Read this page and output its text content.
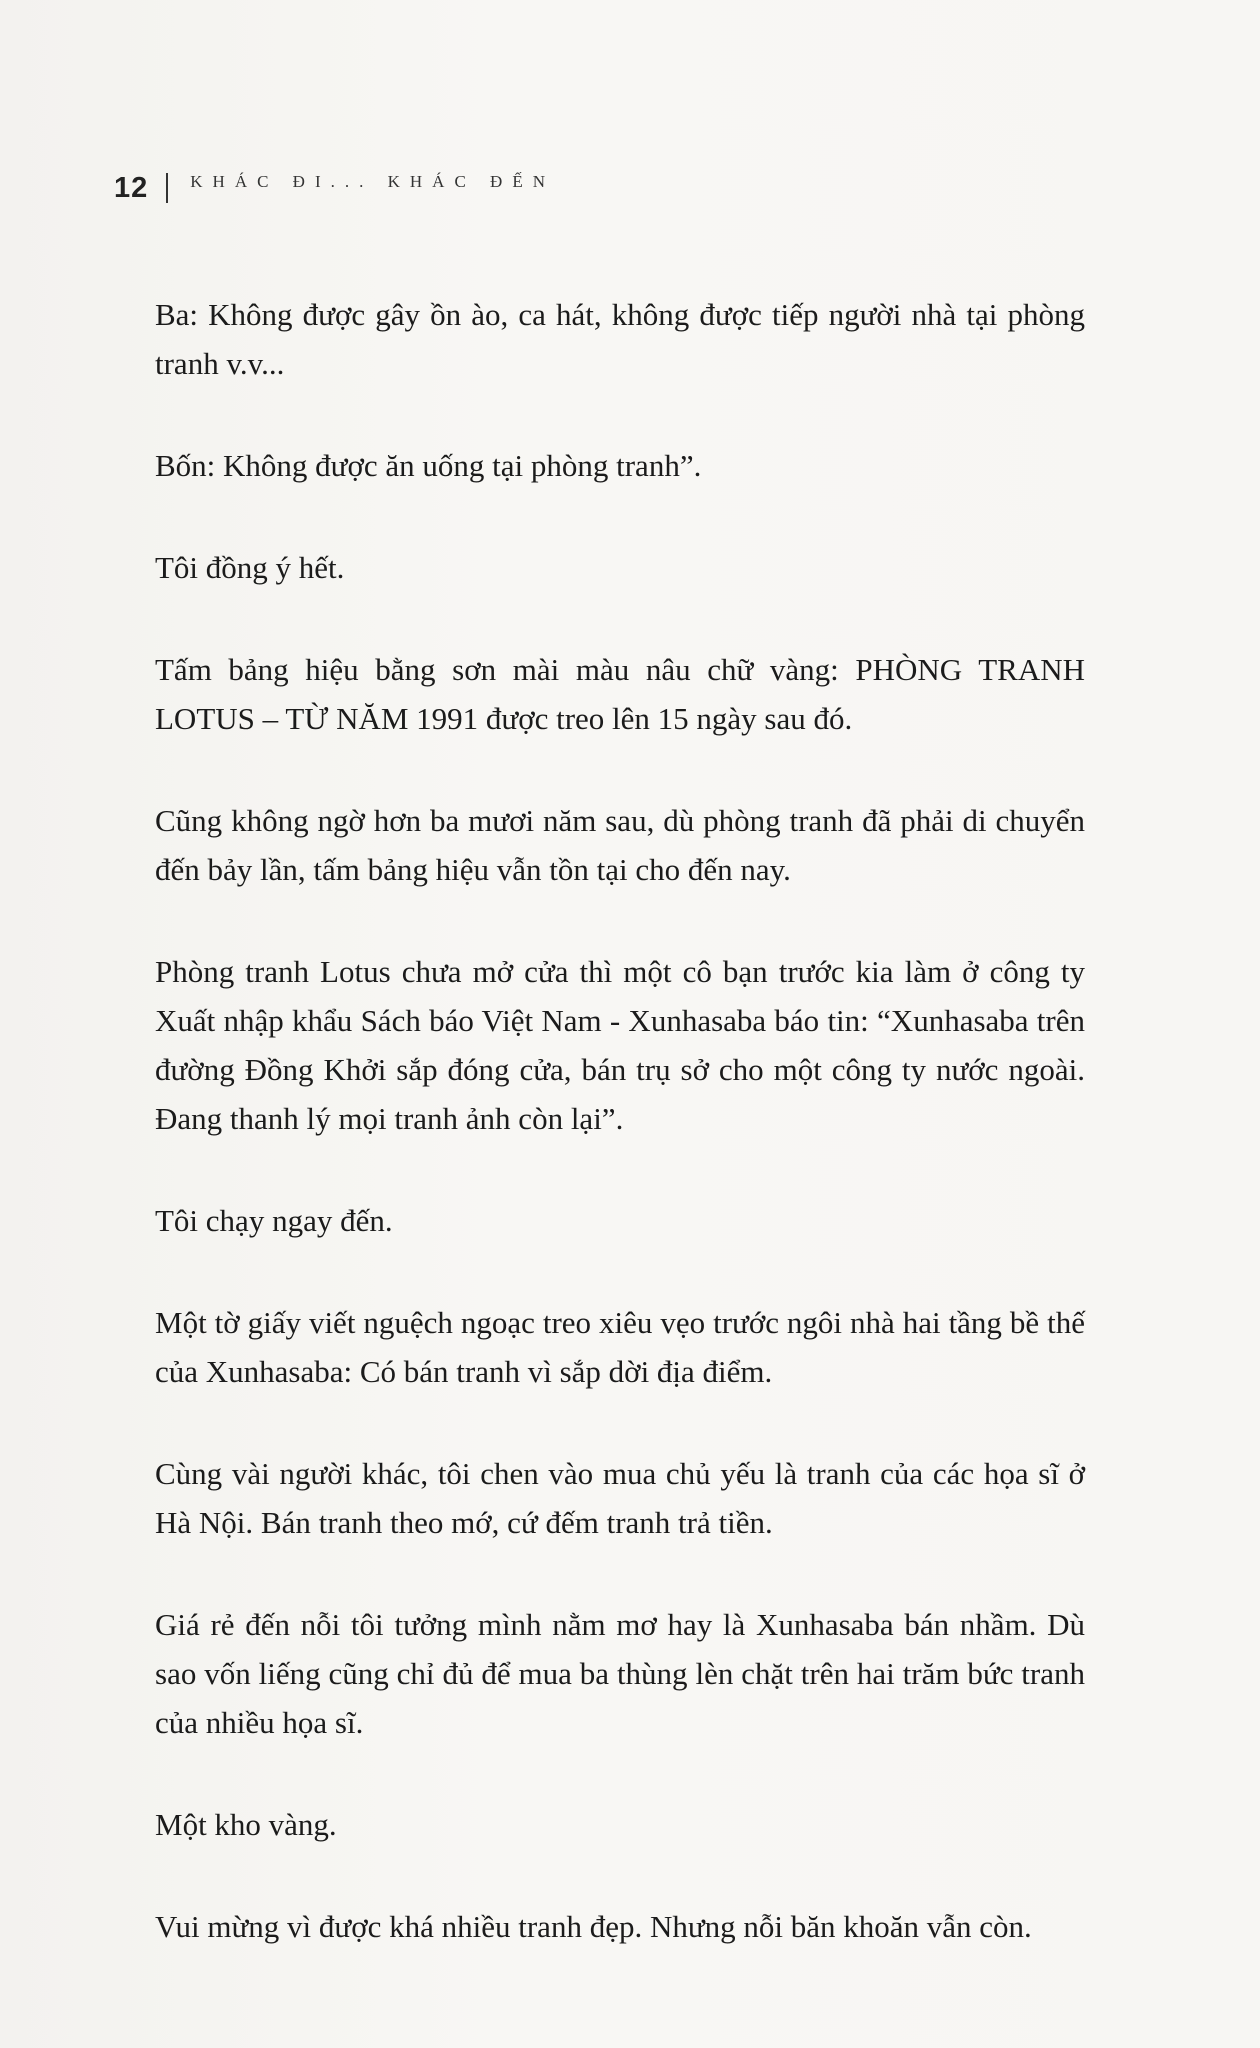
12 KHÁC ĐI... KHÁC ĐẾN

Ba: Không được gây ồn ào, ca hát, không được tiếp người nhà tại phòng tranh v.v...

Bốn: Không được ăn uống tại phòng tranh”.

Tôi đồng ý hết.

Tấm bảng hiệu bằng sơn mài màu nâu chữ vàng: PHÒNG TRANH LOTUS – TỪ NĂM 1991 được treo lên 15 ngày sau đó.

Cũng không ngờ hơn ba mươi năm sau, dù phòng tranh đã phải di chuyển đến bảy lần, tấm bảng hiệu vẫn tồn tại cho đến nay.

Phòng tranh Lotus chưa mở cửa thì một cô bạn trước kia làm ở công ty Xuất nhập khẩu Sách báo Việt Nam - Xunhasaba báo tin: “Xunhasaba trên đường Đồng Khởi sắp đóng cửa, bán trụ sở cho một công ty nước ngoài. Đang thanh lý mọi tranh ảnh còn lại”.

Tôi chạy ngay đến.

Một tờ giấy viết nguệch ngoạc treo xiêu vẹo trước ngôi nhà hai tầng bề thế của Xunhasaba: Có bán tranh vì sắp dời địa điểm.

Cùng vài người khác, tôi chen vào mua chủ yếu là tranh của các họa sĩ ở Hà Nội. Bán tranh theo mớ, cứ đếm tranh trả tiền.

Giá rẻ đến nỗi tôi tưởng mình nằm mơ hay là Xunhasaba bán nhầm. Dù sao vốn liếng cũng chỉ đủ để mua ba thùng lèn chặt trên hai trăm bức tranh của nhiều họa sĩ.

Một kho vàng.

Vui mừng vì được khá nhiều tranh đẹp. Nhưng nỗi băn khoăn vẫn còn.
